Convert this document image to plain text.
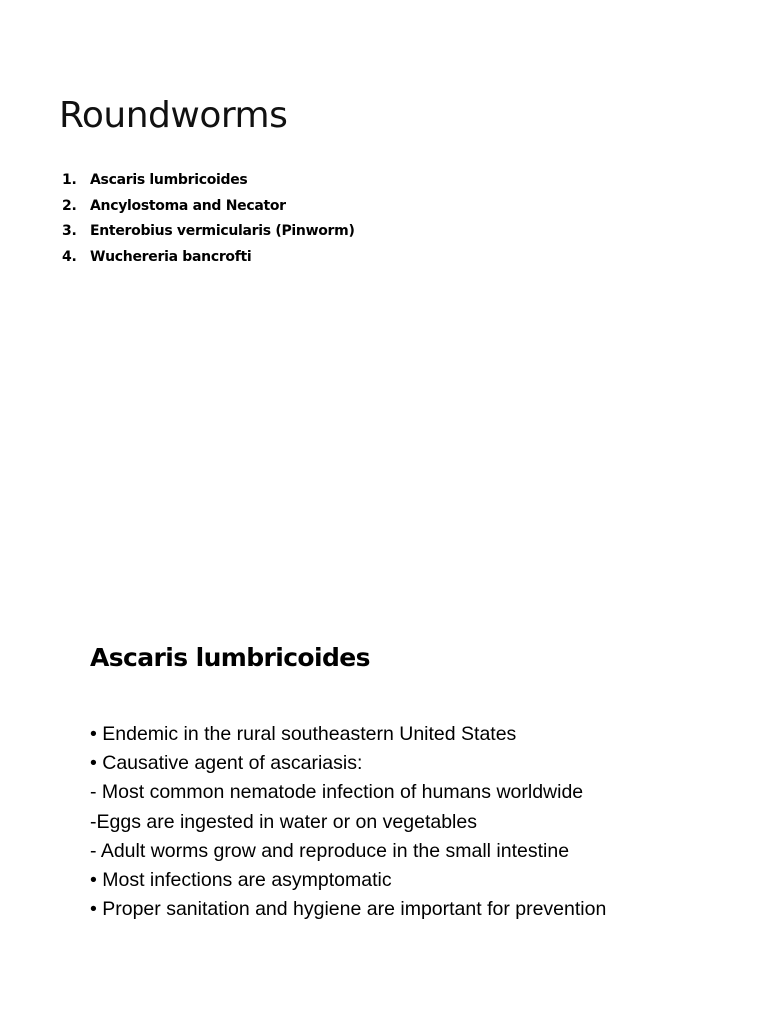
Roundworms
1. Ascaris lumbricoides
2. Ancylostoma and Necator
3. Enterobius vermicularis (Pinworm)
4. Wuchereria bancrofti
Ascaris lumbricoides
• Endemic in the rural southeastern United States
• Causative agent of ascariasis:
- Most common nematode infection of humans worldwide
-Eggs are ingested in water or on vegetables
- Adult worms grow and reproduce in the small intestine
• Most infections are asymptomatic
• Proper sanitation and hygiene are important for prevention
